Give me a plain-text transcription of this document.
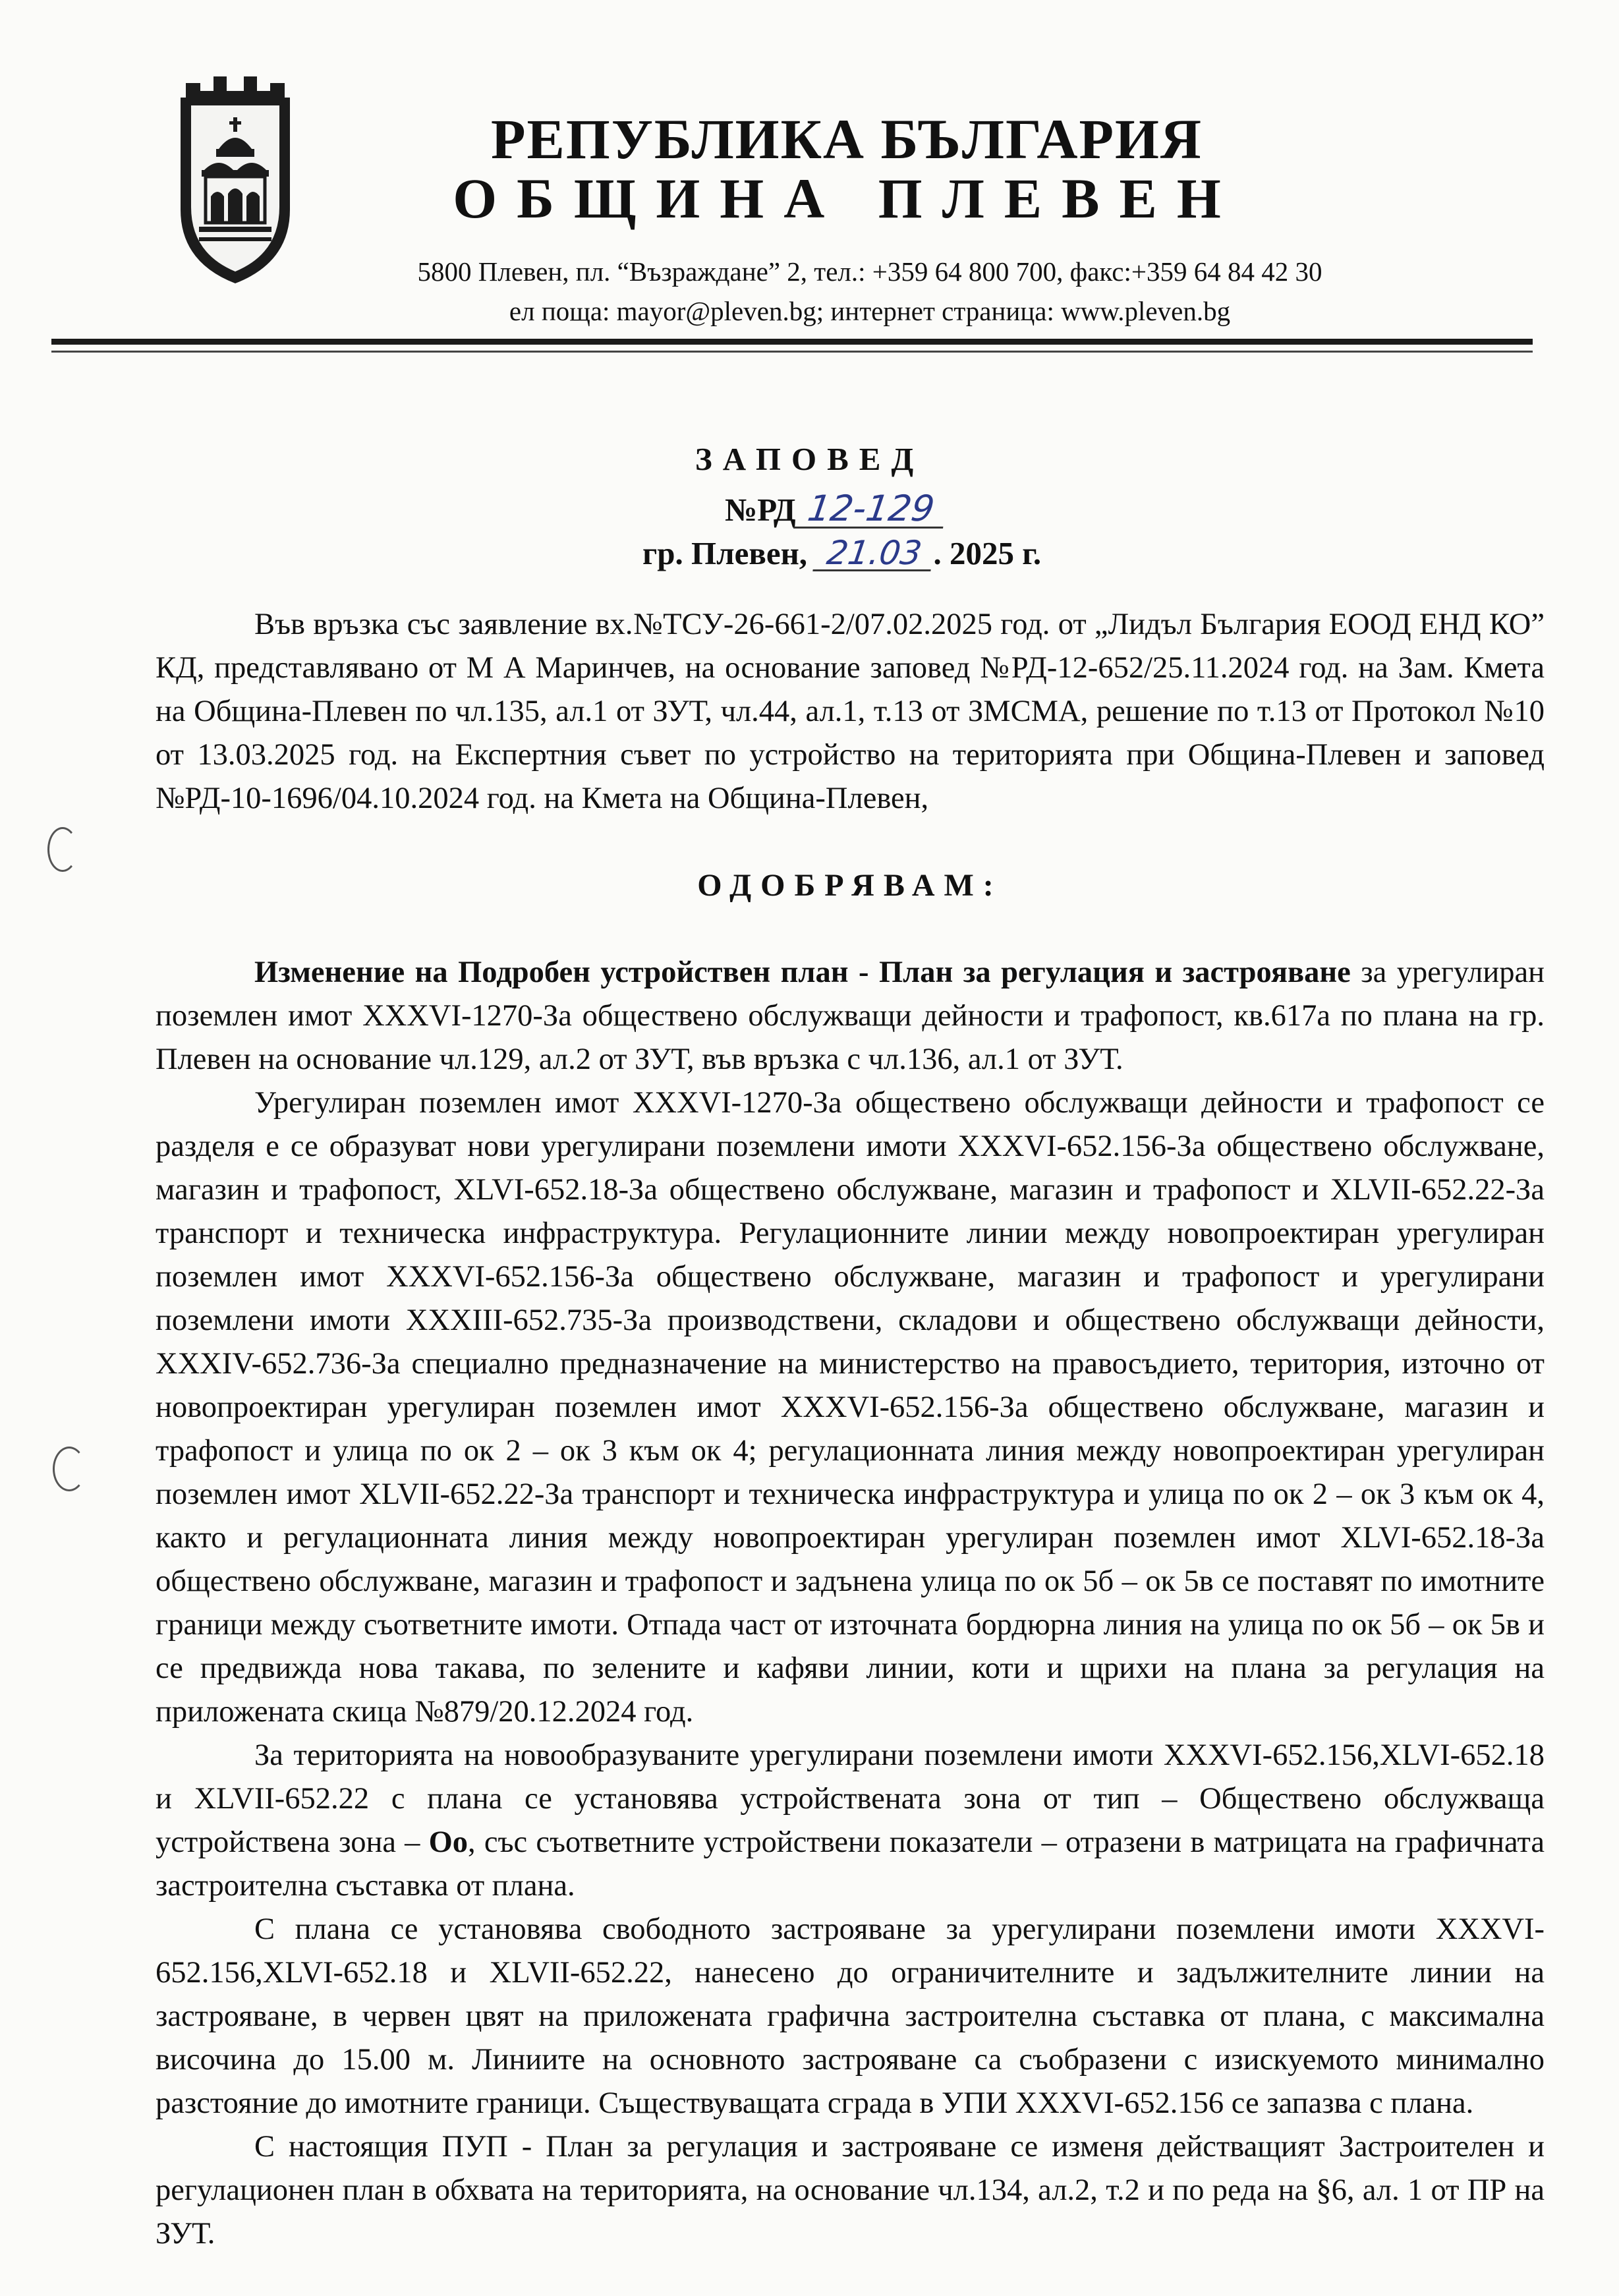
РЕПУБЛИКА БЪЛГАРИЯ
ОБЩИНА ПЛЕВЕН
5800 Плевен, пл. “Възраждане” 2, тел.: +359 64 800 700, факс:+359 64 84 42 30
ел поща: mayor@pleven.bg; интернет страница: www.pleven.bg
ЗАПОВЕД
№РД 12-129
гр. Плевен, 21.03 . 2025 г.

Във връзка със заявление вх.№ТСУ-26-661-2/07.02.2025 год. от „Лидъл България ЕООД ЕНД КО” КД, представлявано от М А Маринчев, на основание заповед №РД-12-652/25.11.2024 год. на Зам. Кмета на Община-Плевен по чл.135, ал.1 от ЗУТ, чл.44, ал.1, т.13 от ЗМСМА, решение по т.13 от Протокол №10 от 13.03.2025 год. на Експертния съвет по устройство на територията при Община-Плевен и заповед №РД-10-1696/04.10.2024 год. на Кмета на Община-Плевен,

ОДОБРЯВАМ:

Изменение на Подробен устройствен план - План за регулация и застрояване за урегулиран поземлен имот XXXVI-1270-За обществено обслужващи дейности и трафопост, кв.617а по плана на гр. Плевен на основание чл.129, ал.2 от ЗУТ, във връзка с чл.136, ал.1 от ЗУТ.

Урегулиран поземлен имот XXXVI-1270-За обществено обслужващи дейности и трафопост се разделя е се образуват нови урегулирани поземлени имоти XXXVI-652.156-За обществено обслужване, магазин и трафопост, XLVI-652.18-За обществено обслужване, магазин и трафопост и XLVII-652.22-За транспорт и техническа инфраструктура. Регулационните линии между новопроектиран урегулиран поземлен имот XXXVI-652.156-За обществено обслужване, магазин и трафопост и урегулирани поземлени имоти XXXIII-652.735-За производствени, складови и обществено обслужващи дейности, XXXIV-652.736-За специално предназначение на министерство на правосъдието, територия, източно от новопроектиран урегулиран поземлен имот XXXVI-652.156-За обществено обслужване, магазин и трафопост и улица по ок 2 – ок 3 към ок 4; регулационната линия между новопроектиран урегулиран поземлен имот XLVII-652.22-За транспорт и техническа инфраструктура и улица по ок 2 – ок 3 към ок 4, както и регулационната линия между новопроектиран урегулиран поземлен имот XLVI-652.18-За обществено обслужване, магазин и трафопост и задънена улица по ок 5б – ок 5в се поставят по имотните граници между съответните имоти. Отпада част от източната бордюрна линия на улица по ок 5б – ок 5в и се предвижда нова такава, по зелените и кафяви линии, коти и щрихи на плана за регулация на приложената скица №879/20.12.2024 год.

За територията на новообразуваните урегулирани поземлени имоти XXXVI-652.156,XLVI-652.18 и XLVII-652.22 с плана се установява устройствената зона от тип – Обществено обслужваща устройствена зона – Оо, със съответните устройствени показатели – отразени в матрицата на графичната застроителна съставка от плана.

С плана се установява свободното застрояване за урегулирани поземлени имоти XXXVI-652.156,XLVI-652.18 и XLVII-652.22, нанесено до ограничителните и задължителните линии на застрояване, в червен цвят на приложената графична застроителна съставка от плана, с максимална височина до 15.00 м. Линиите на основното застрояване са съобразени с изискуемото минимално разстояние до имотните граници. Съществуващата сграда в УПИ XXXVI-652.156 се запазва с плана.

С настоящия ПУП - План за регулация и застрояване се изменя действащият Застроителен и регулационен план в обхвата на територията, на основание чл.134, ал.2, т.2 и по реда на §6, ал. 1 от ПР на ЗУТ.
